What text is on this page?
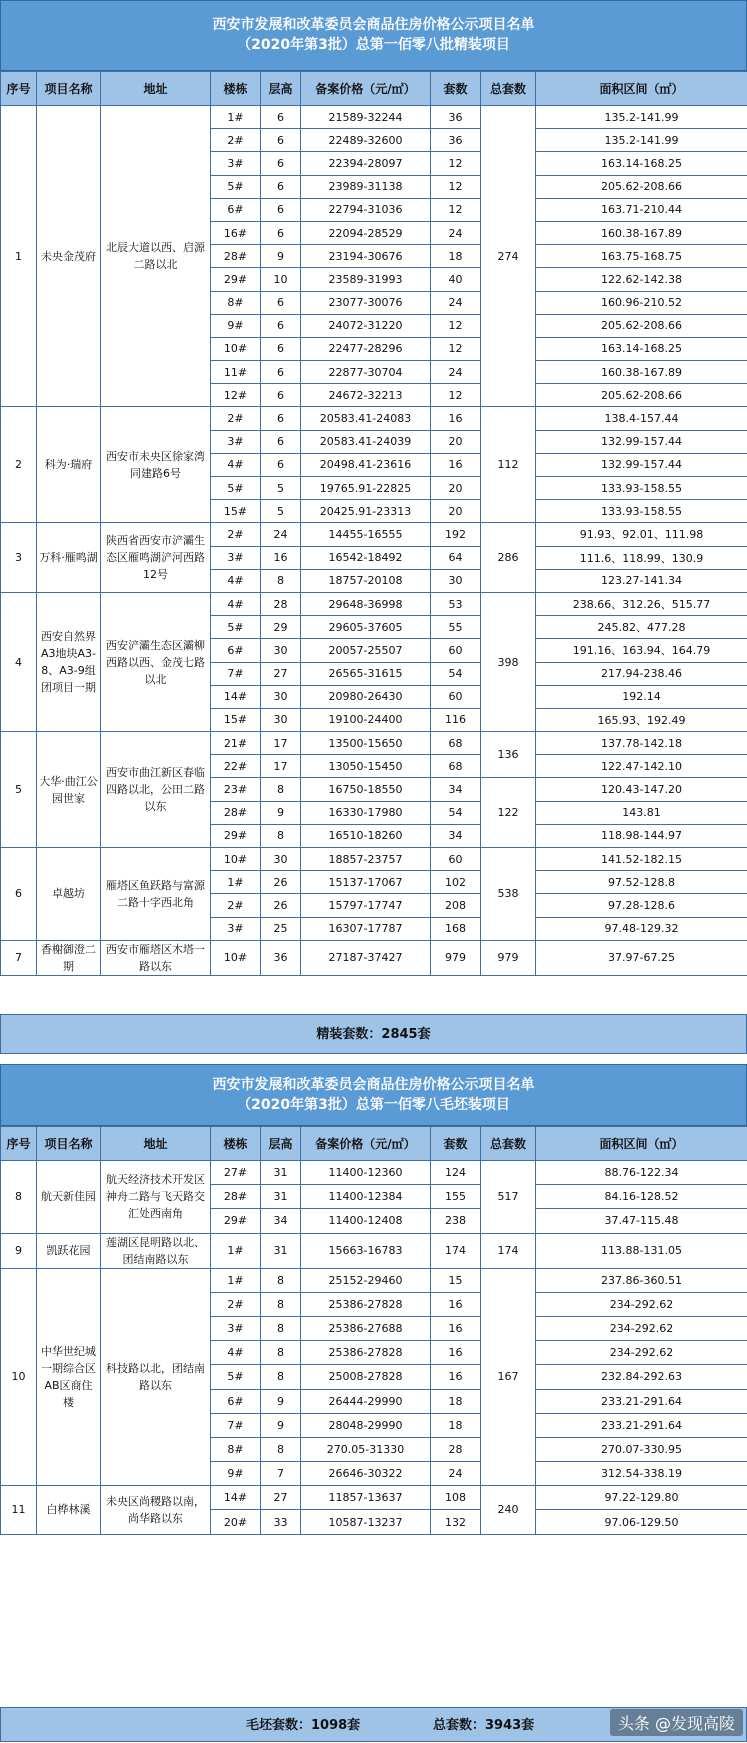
西安市发展和改革委员会商品住房价格公示项目名单
（2020年第3批）总第一佰零八批精装项目
序号	项目名称	地址	楼栋	层高	备案价格（元/㎡）	套数	总套数	面积区间（㎡）
1	未央金茂府	北辰大道以西、启源二路以北	1#	6	21589-32244	36	274	135.2-141.99
			2#	6	22489-32600	36		135.2-141.99
			3#	6	22394-28097	12		163.14-168.25
			5#	6	23989-31138	12		205.62-208.66
			6#	6	22794-31036	12		163.71-210.44
			16#	6	22094-28529	24		160.38-167.89
			28#	9	23194-30676	18		163.75-168.75
			29#	10	23589-31993	40		122.62-142.38
			8#	6	23077-30076	24		160.96-210.52
			9#	6	24072-31220	12		205.62-208.66
			10#	6	22477-28296	12		163.14-168.25
			11#	6	22877-30704	24		160.38-167.89
			12#	6	24672-32213	12		205.62-208.66
2	科为·瑞府	西安市未央区徐家湾同建路6号	2#	6	20583.41-24083	16	112	138.4-157.44
			3#	6	20583.41-24039	20		132.99-157.44
			4#	6	20498.41-23616	16		132.99-157.44
			5#	5	19765.91-22825	20		133.93-158.55
			15#	5	20425.91-23313	20		133.93-158.55
3	万科·雁鸣湖	陕西省西安市浐灞生态区雁鸣湖浐河西路12号	2#	24	14455-16555	192	286	91.93、92.01、111.98
			3#	16	16542-18492	64		111.6、118.99、130.9
			4#	8	18757-20108	30		123.27-141.34
4	西安自然界A3地块A3-8、A3-9组团项目一期	西安浐灞生态区灞柳西路以西、金茂七路以北	4#	28	29648-36998	53	398	238.66、312.26、515.77
			5#	29	29605-37605	55		245.82、477.28
			6#	30	20057-25507	60		191.16、163.94、164.79
			7#	27	26565-31615	54		217.94-238.46
			14#	30	20980-26430	60		192.14
			15#	30	19100-24400	116		165.93、192.49
5	大华·曲江公园世家	西安市曲江新区春临四路以北，公田二路以东	21#	17	13500-15650	68	136	137.78-142.18
			22#	17	13050-15450	68		122.47-142.10
			23#	8	16750-18550	34	122	120.43-147.20
			28#	9	16330-17980	54		143.81
			29#	8	16510-18260	34		118.98-144.97
6	卓越坊	雁塔区鱼跃路与富源二路十字西北角	10#	30	18857-23757	60	538	141.52-182.15
			1#	26	15137-17067	102		97.52-128.8
			2#	26	15797-17747	208		97.28-128.6
			3#	25	16307-17787	168		97.48-129.32
7	香榭御澄二期	西安市雁塔区木塔一路以东	10#	36	27187-37427	979	979	37.97-67.25
精装套数：2845套
西安市发展和改革委员会商品住房价格公示项目名单
（2020年第3批）总第一佰零八毛坯装项目
序号	项目名称	地址	楼栋	层高	备案价格（元/㎡）	套数	总套数	面积区间（㎡）
8	航天新佳园	航天经济技术开发区神舟二路与飞天路交汇处西南角	27#	31	11400-12360	124	517	88.76-122.34
			28#	31	11400-12384	155		84.16-128.52
			29#	34	11400-12408	238		37.47-115.48
9	凯跃花园	莲湖区昆明路以北、团结南路以东	1#	31	15663-16783	174	174	113.88-131.05
10	中华世纪城一期综合区AB区商住楼	科技路以北，团结南路以东	1#	8	25152-29460	15	167	237.86-360.51
			2#	8	25386-27828	16		234-292.62
			3#	8	25386-27688	16		234-292.62
			4#	8	25386-27828	16		234-292.62
			5#	8	25008-27828	16		232.84-292.63
			6#	9	26444-29990	18		233.21-291.64
			7#	9	28048-29990	18		233.21-291.64
			8#	8	270.05-31330	28		270.07-330.95
			9#	7	26646-30322	24		312.54-338.19
11	白桦林溪	未央区尚稷路以南，尚华路以东	14#	27	11857-13637	108	240	97.22-129.80
			20#	33	10587-13237	132		97.06-129.50
毛坯套数：1098套	总套数：3943套	头条 @发现高陵
